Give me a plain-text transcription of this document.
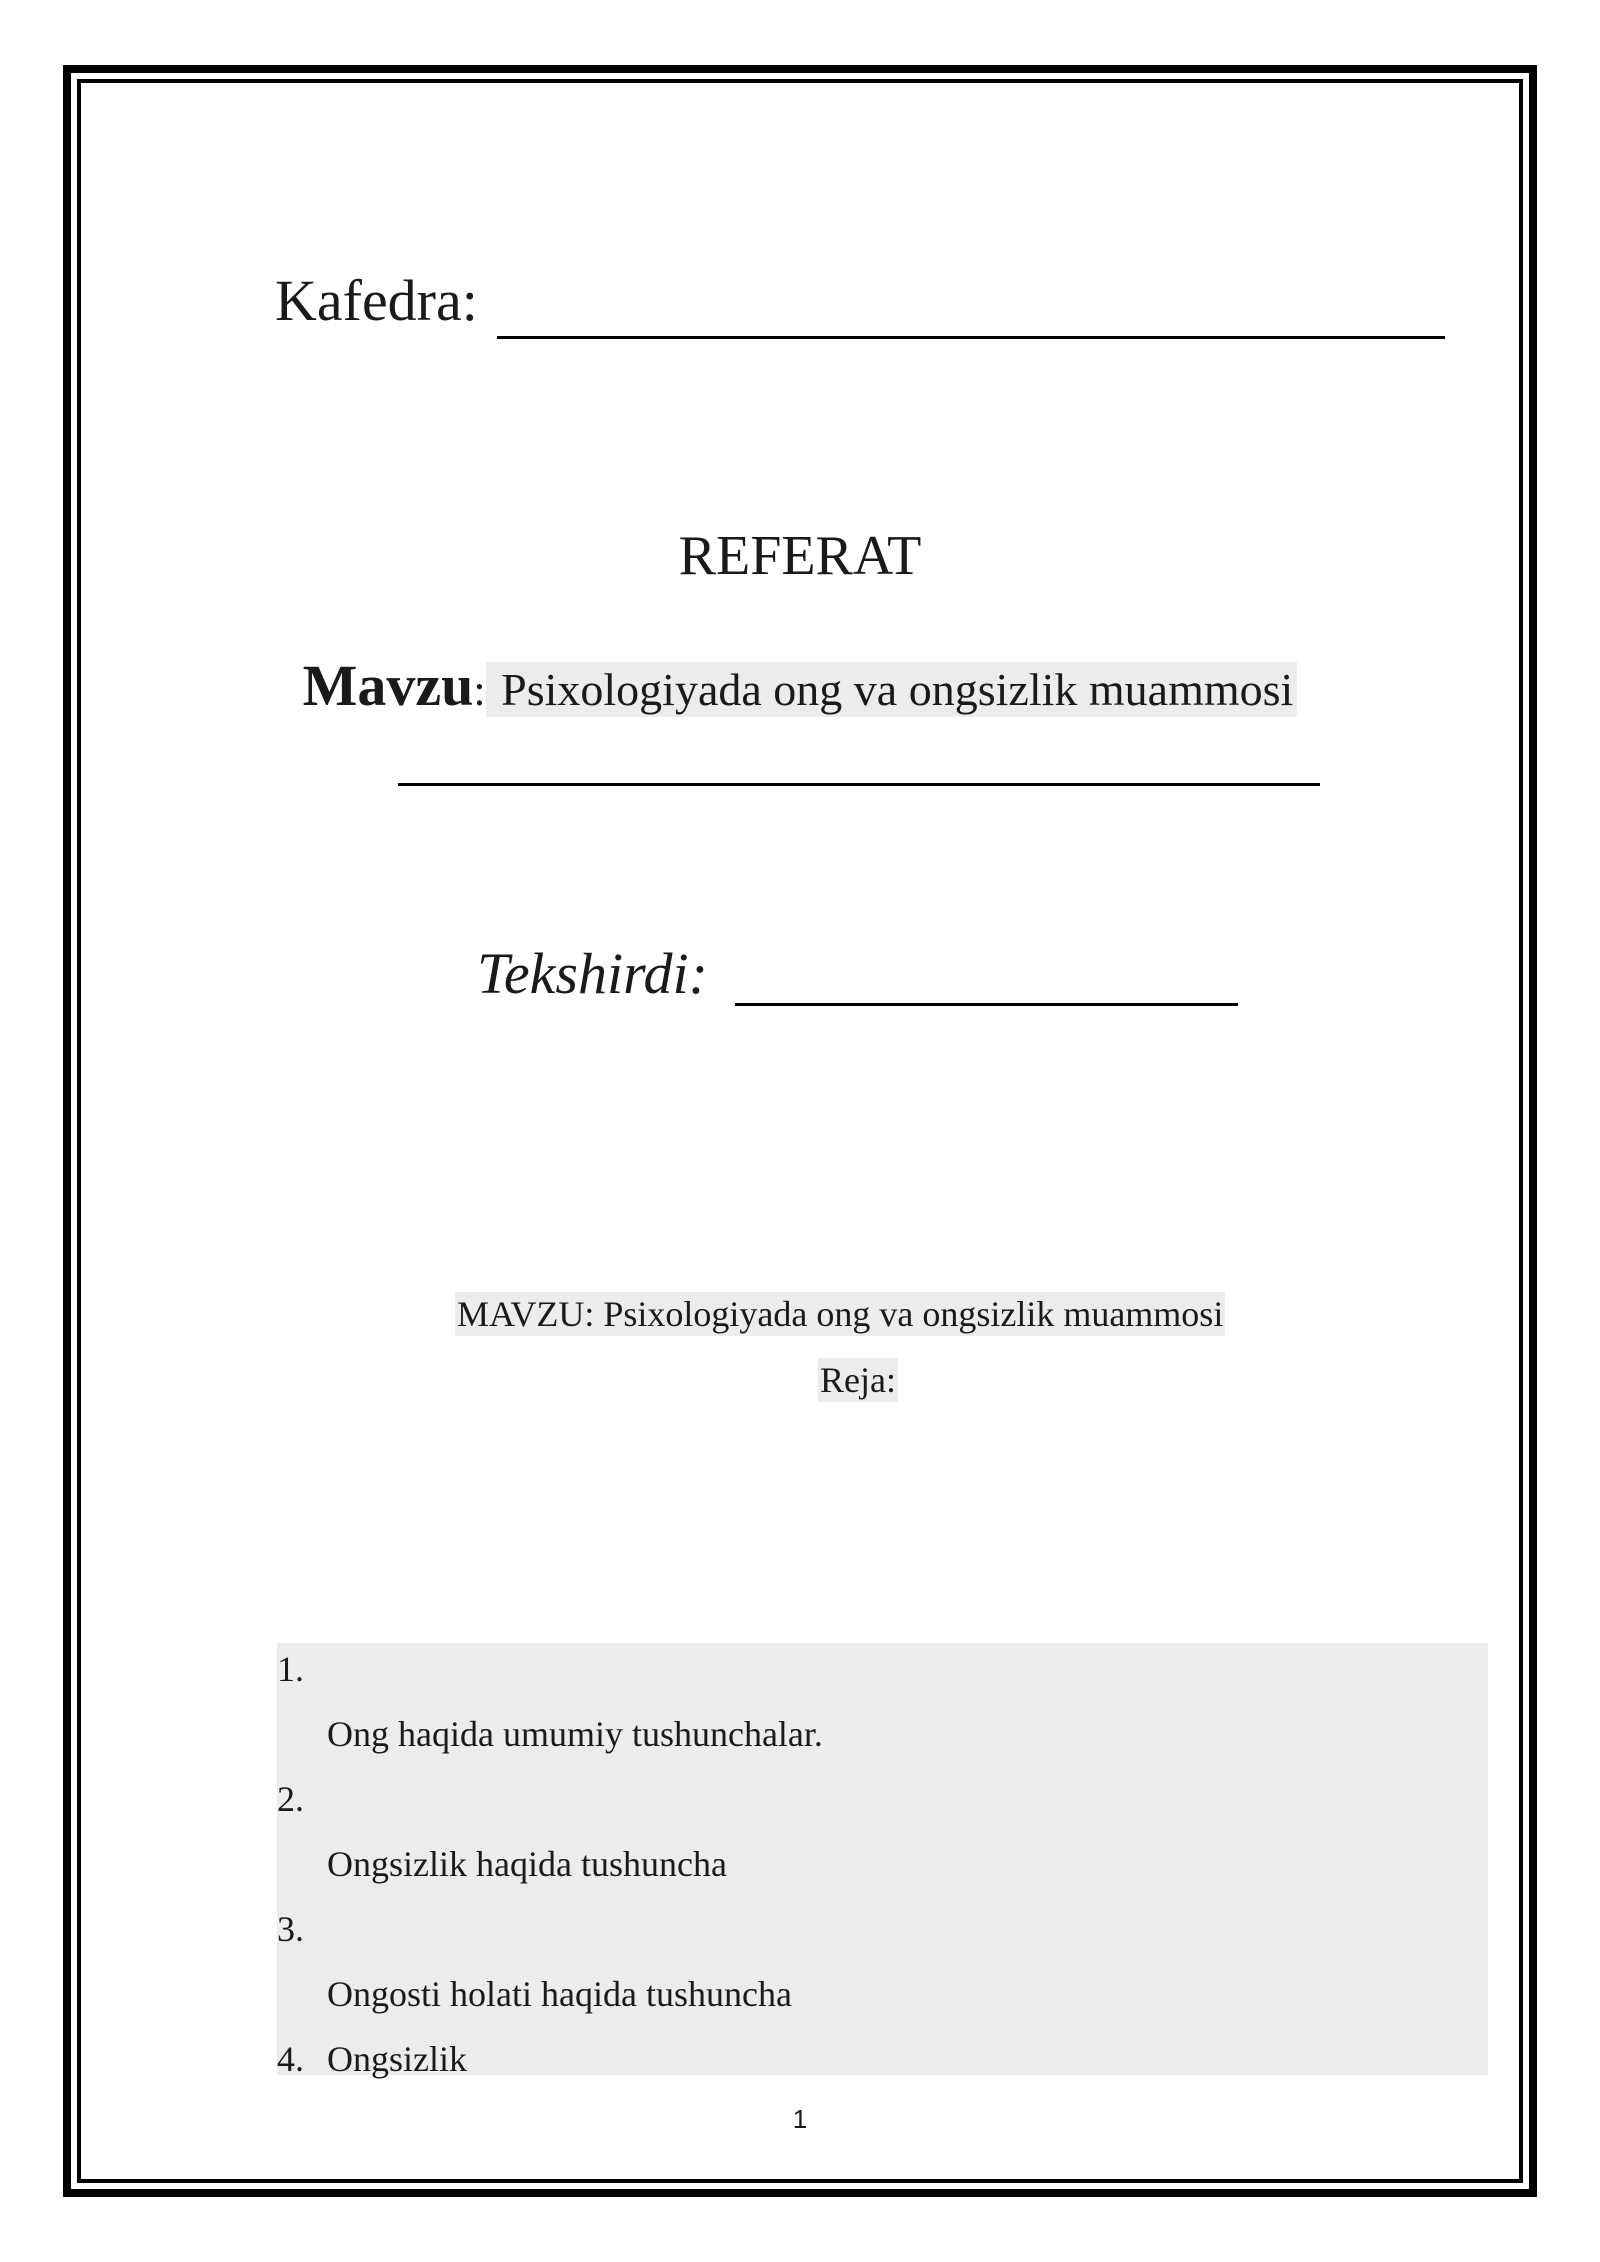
Kafedra:
REFERAT
Mavzu: Psixologiyada ong va ongsizlik muammosi
Tekshirdi:
MAVZU: Psixologiyada ong va ongsizlik muammosi
Reja:
1.
Ong haqida umumiy tushunchalar.
2.
Ongsizlik haqida tushuncha
3.
Ongosti holati haqida tushuncha
4. Ongsizlik
1
